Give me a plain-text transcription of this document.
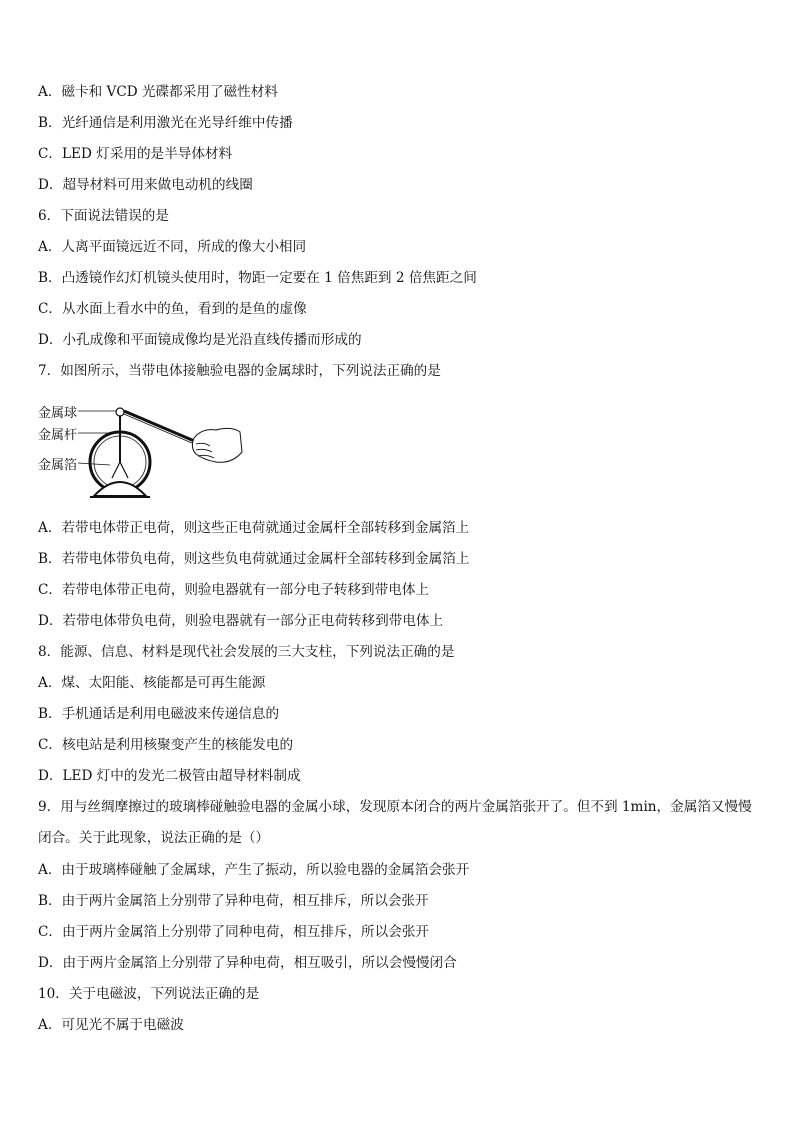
A．磁卡和 VCD 光碟都采用了磁性材料
B．光纤通信是利用激光在光导纤维中传播
C．LED 灯采用的是半导体材料
D．超导材料可用来做电动机的线圈
6．下面说法错误的是
A．人离平面镜远近不同，所成的像大小相同
B．凸透镜作幻灯机镜头使用时，物距一定要在 1 倍焦距到 2 倍焦距之间
C．从水面上看水中的鱼，看到的是鱼的虚像
D．小孔成像和平面镜成像均是光沿直线传播而形成的
7．如图所示，当带电体接触验电器的金属球时，下列说法正确的是
金属球
金属杆
金属箔
A．若带电体带正电荷，则这些正电荷就通过金属杆全部转移到金属箔上
B．若带电体带负电荷，则这些负电荷就通过金属杆全部转移到金属箔上
C．若带电体带正电荷，则验电器就有一部分电子转移到带电体上
D．若带电体带负电荷，则验电器就有一部分正电荷转移到带电体上
8．能源、信息、材料是现代社会发展的三大支柱，下列说法正确的是
A．煤、太阳能、核能都是可再生能源
B．手机通话是利用电磁波来传递信息的
C．核电站是利用核聚变产生的核能发电的
D．LED 灯中的发光二极管由超导材料制成
9．用与丝绸摩擦过的玻璃棒碰触验电器的金属小球，发现原本闭合的两片金属箔张开了。但不到 1min，金属箔又慢慢闭合。关于此现象，说法正确的是（）
A．由于玻璃棒碰触了金属球，产生了振动，所以验电器的金属箔会张开
B．由于两片金属箔上分别带了异种电荷，相互排斥，所以会张开
C．由于两片金属箔上分别带了同种电荷，相互排斥，所以会张开
D．由于两片金属箔上分别带了异种电荷，相互吸引，所以会慢慢闭合
10．关于电磁波，下列说法正确的是
A．可见光不属于电磁波
